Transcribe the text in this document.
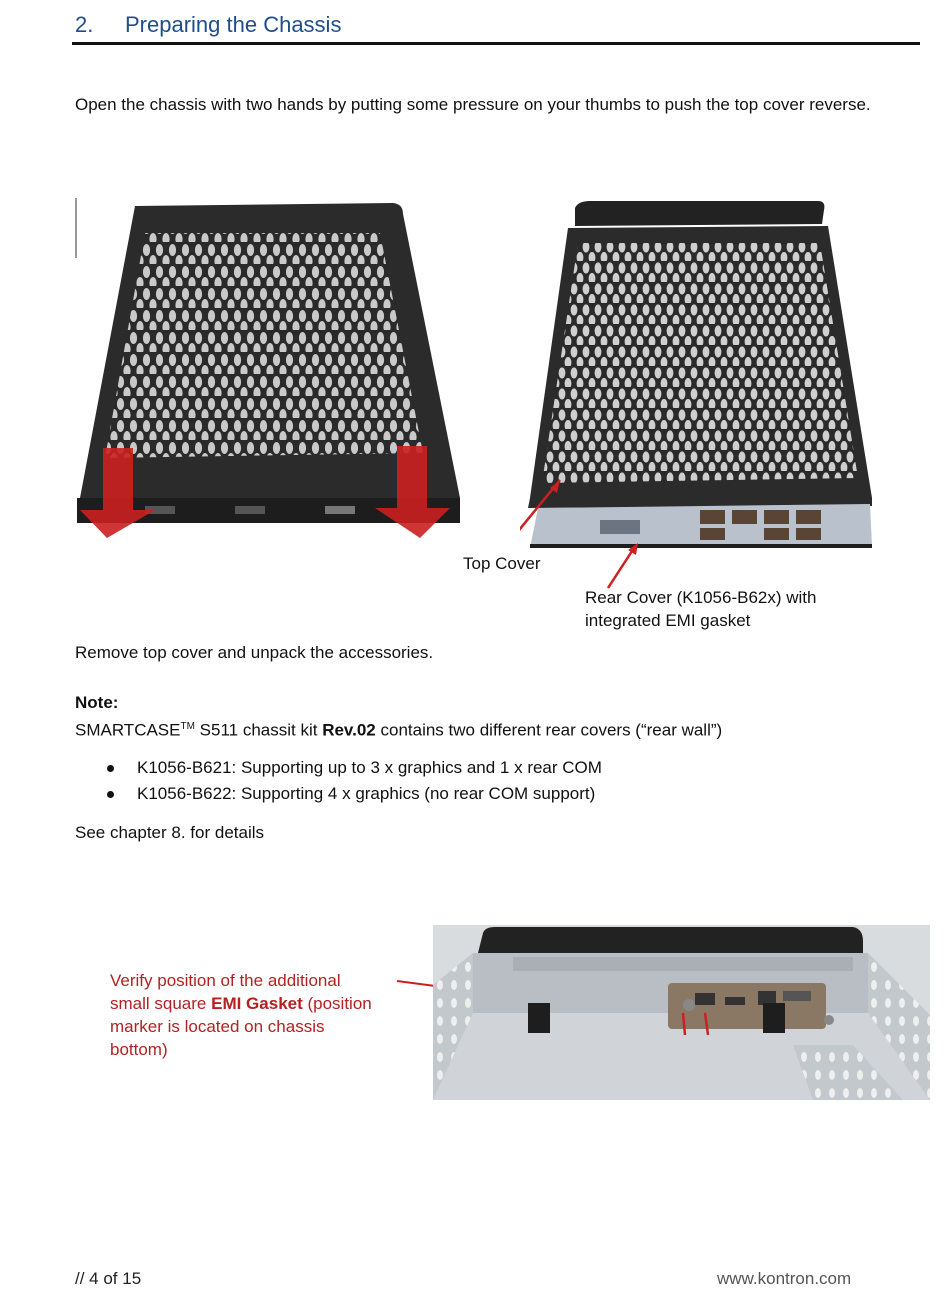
2. Preparing the Chassis
Open the chassis with two hands by putting some pressure on your thumbs to push the top cover reverse.
Top Cover
Rear Cover (K1056-B62x) with
integrated EMI gasket
Remove top cover and unpack the accessories.
Note:
SMARTCASE™ S511 chassit kit Rev.02 contains two different rear covers (“rear wall”)
K1056-B621: Supporting up to 3 x graphics and 1 x rear COM
K1056-B622: Supporting 4 x graphics (no rear COM support)
See chapter 8. for details
Verify position of the additional
small square EMI Gasket (position
marker is located on chassis
bottom)
// 4 of 15	www.kontron.com
